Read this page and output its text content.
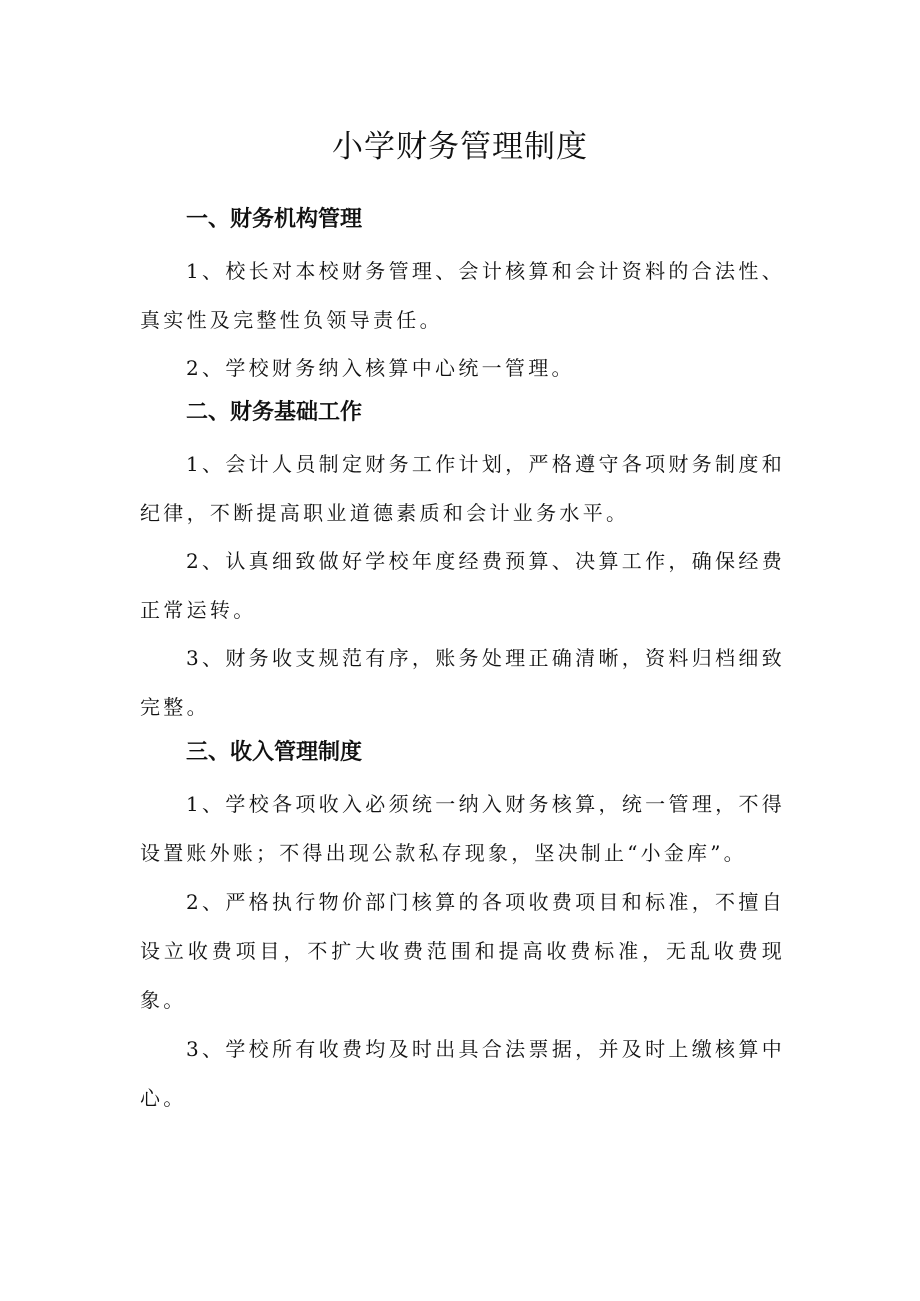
小学财务管理制度
一、财务机构管理

1、校长对本校财务管理、会计核算和会计资料的合法性、真实性及完整性负领导责任。

2、学校财务纳入核算中心统一管理。

二、财务基础工作

1、会计人员制定财务工作计划，严格遵守各项财务制度和纪律，不断提高职业道德素质和会计业务水平。

2、认真细致做好学校年度经费预算、决算工作，确保经费正常运转。

3、财务收支规范有序，账务处理正确清晰，资料归档细致完整。

三、收入管理制度

1、学校各项收入必须统一纳入财务核算，统一管理，不得设置账外账；不得出现公款私存现象，坚决制止“小金库”。

2、严格执行物价部门核算的各项收费项目和标准，不擅自设立收费项目，不扩大收费范围和提高收费标准，无乱收费现象。

3、学校所有收费均及时出具合法票据，并及时上缴核算中心。
